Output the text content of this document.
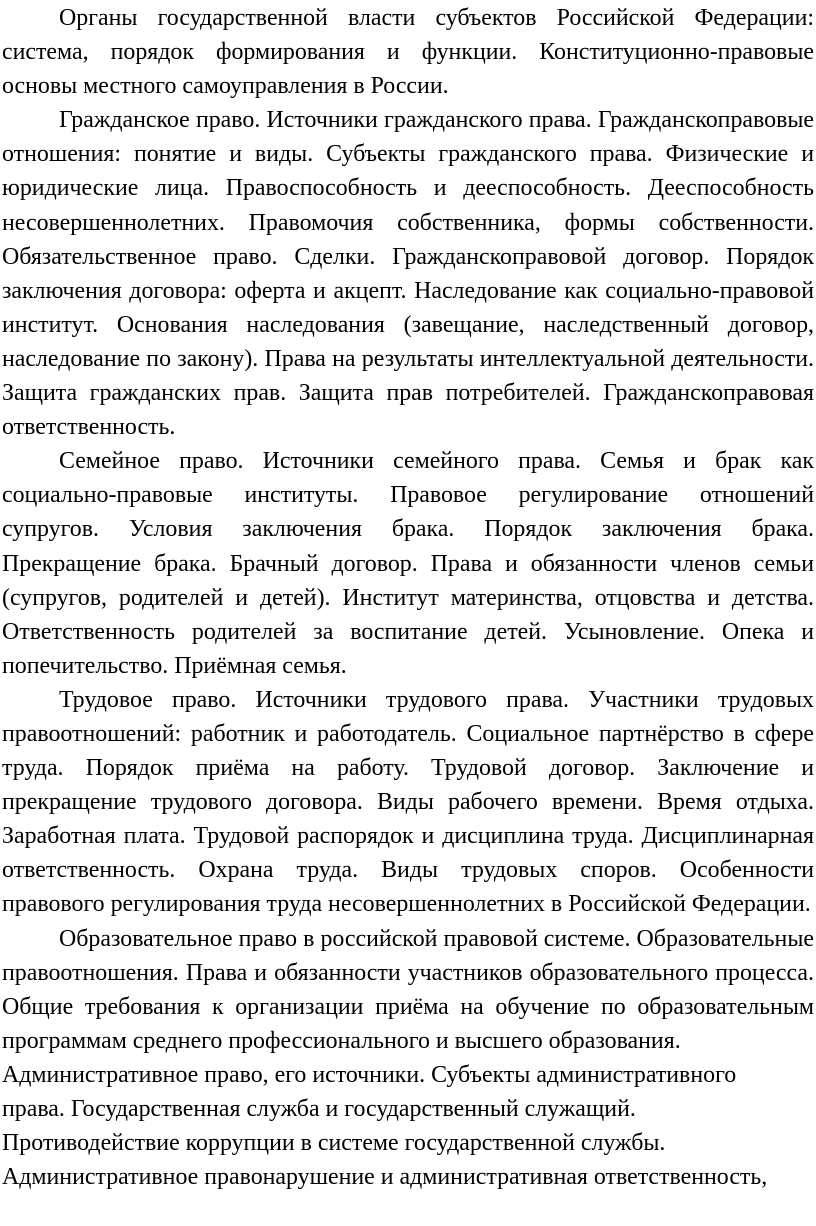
Органы государственной власти субъектов Российской Федерации: система, порядок формирования и функции. Конституционно-правовые основы местного самоуправления в России.

Гражданское право. Источники гражданского права. Гражданскоправовые отношения: понятие и виды. Субъекты гражданского права. Физические и юридические лица. Правоспособность и дееспособность. Дееспособность несовершеннолетних. Правомочия собственника, формы собственности. Обязательственное право. Сделки. Гражданскоправовой договор. Порядок заключения договора: оферта и акцепт. Наследование как социально-правовой институт. Основания наследования (завещание, наследственный договор, наследование по закону). Права на результаты интеллектуальной деятельности. Защита гражданских прав. Защита прав потребителей. Гражданскоправовая ответственность.

Семейное право. Источники семейного права. Семья и брак как социально-правовые институты. Правовое регулирование отношений супругов. Условия заключения брака. Порядок заключения брака. Прекращение брака. Брачный договор. Права и обязанности членов семьи (супругов, родителей и детей). Институт материнства, отцовства и детства. Ответственность родителей за воспитание детей. Усыновление. Опека и попечительство. Приёмная семья.

Трудовое право. Источники трудового права. Участники трудовых правоотношений: работник и работодатель. Социальное партнёрство в сфере труда. Порядок приёма на работу. Трудовой договор. Заключение и прекращение трудового договора. Виды рабочего времени. Время отдыха. Заработная плата. Трудовой распорядок и дисциплина труда. Дисциплинарная ответственность. Охрана труда. Виды трудовых споров. Особенности правового регулирования труда несовершеннолетних в Российской Федерации.

Образовательное право в российской правовой системе. Образовательные правоотношения. Права и обязанности участников образовательного процесса. Общие требования к организации приёма на обучение по образовательным программам среднего профессионального и высшего образования.

Административное право, его источники. Субъекты административного

права. Государственная служба и государственный служащий.

Противодействие коррупции в системе государственной службы.

Административное правонарушение и административная ответственность,
